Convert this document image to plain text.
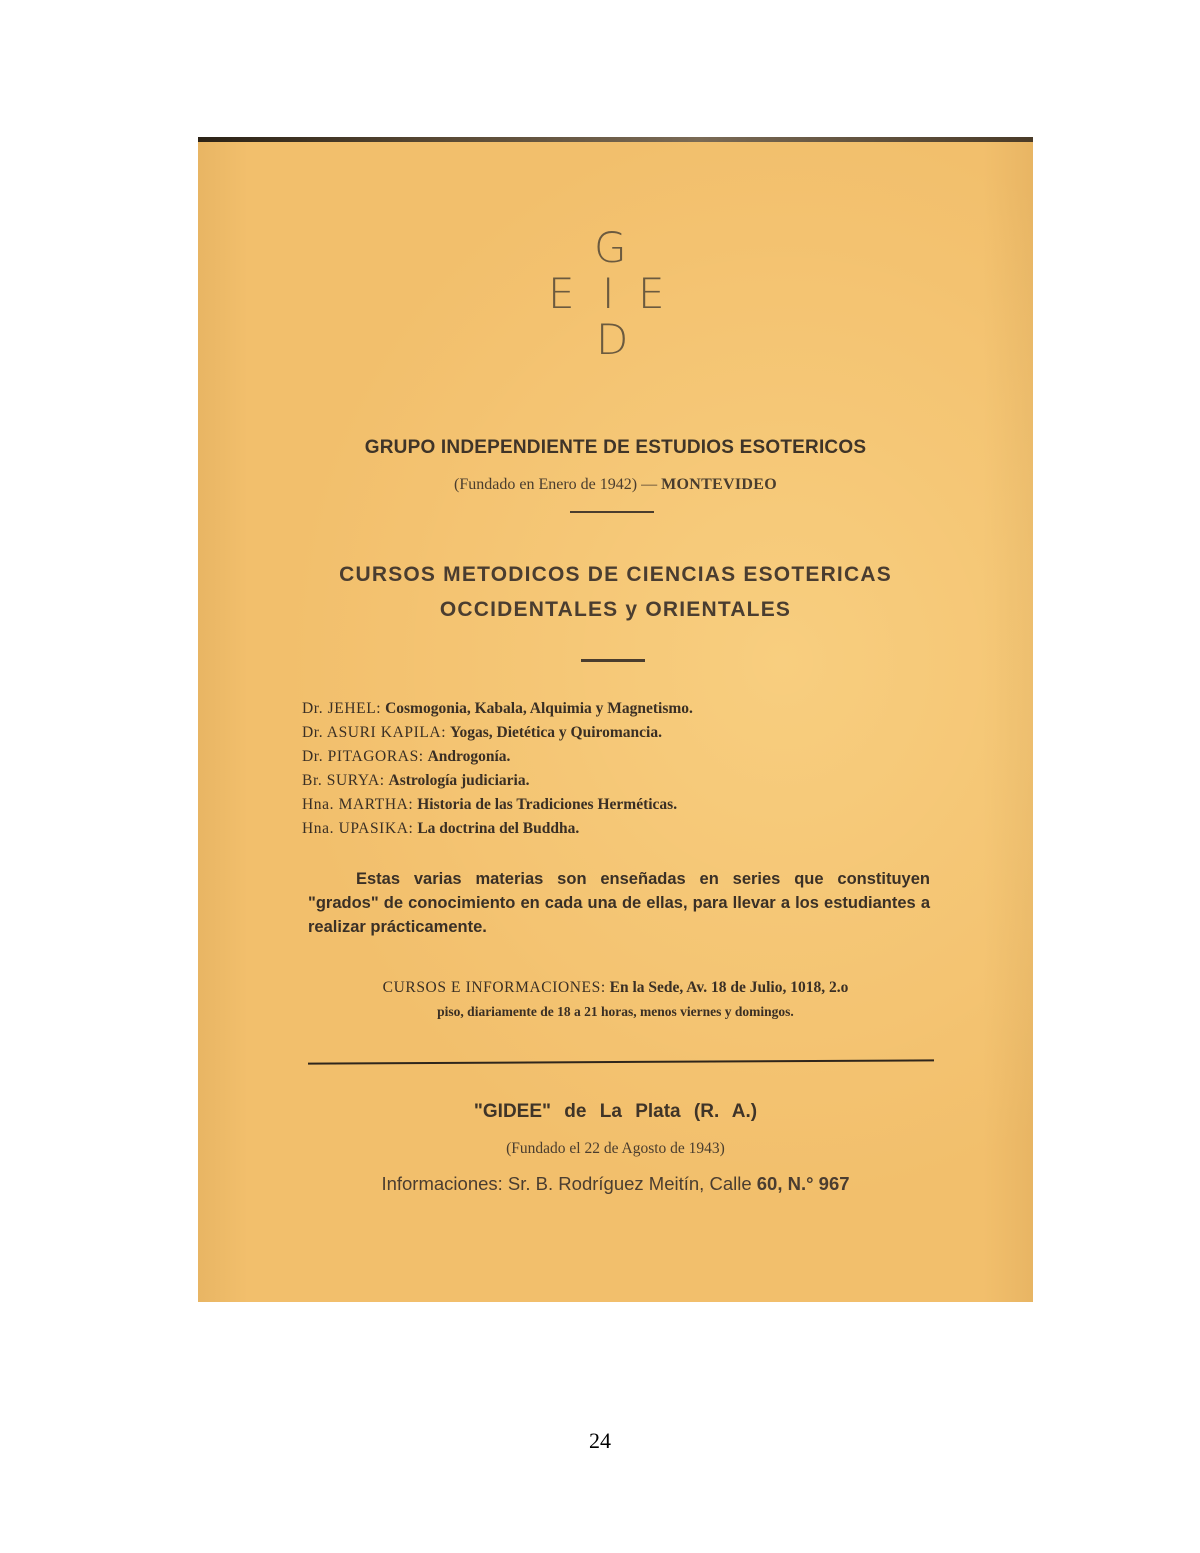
G
E I E
D
GRUPO INDEPENDIENTE DE ESTUDIOS ESOTERICOS
(Fundado en Enero de 1942) — MONTEVIDEO
CURSOS METODICOS DE CIENCIAS ESOTERICAS
OCCIDENTALES y ORIENTALES
Dr. JEHEL: Cosmogonia, Kabala, Alquimia y Magnetismo.
Dr. ASURI KAPILA: Yogas, Dietética y Quiromancia.
Dr. PITAGORAS: Androgonía.
Br. SURYA: Astrología judiciaria.
Hna. MARTHA: Historia de las Tradiciones Herméticas.
Hna. UPASIKA: La doctrina del Buddha.
Estas varias materias son enseñadas en series que constituyen "grados" de conocimiento en cada una de ellas, para llevar a los estudiantes a realizar prácticamente.
CURSOS E INFORMACIONES: En la Sede, Av. 18 de Julio, 1018, 2.o
piso, diariamente de 18 a 21 horas, menos viernes y domingos.
"GIDEE" de La Plata (R. A.)
(Fundado el 22 de Agosto de 1943)
Informaciones: Sr. B. Rodríguez Meitín, Calle 60, N.° 967
24
